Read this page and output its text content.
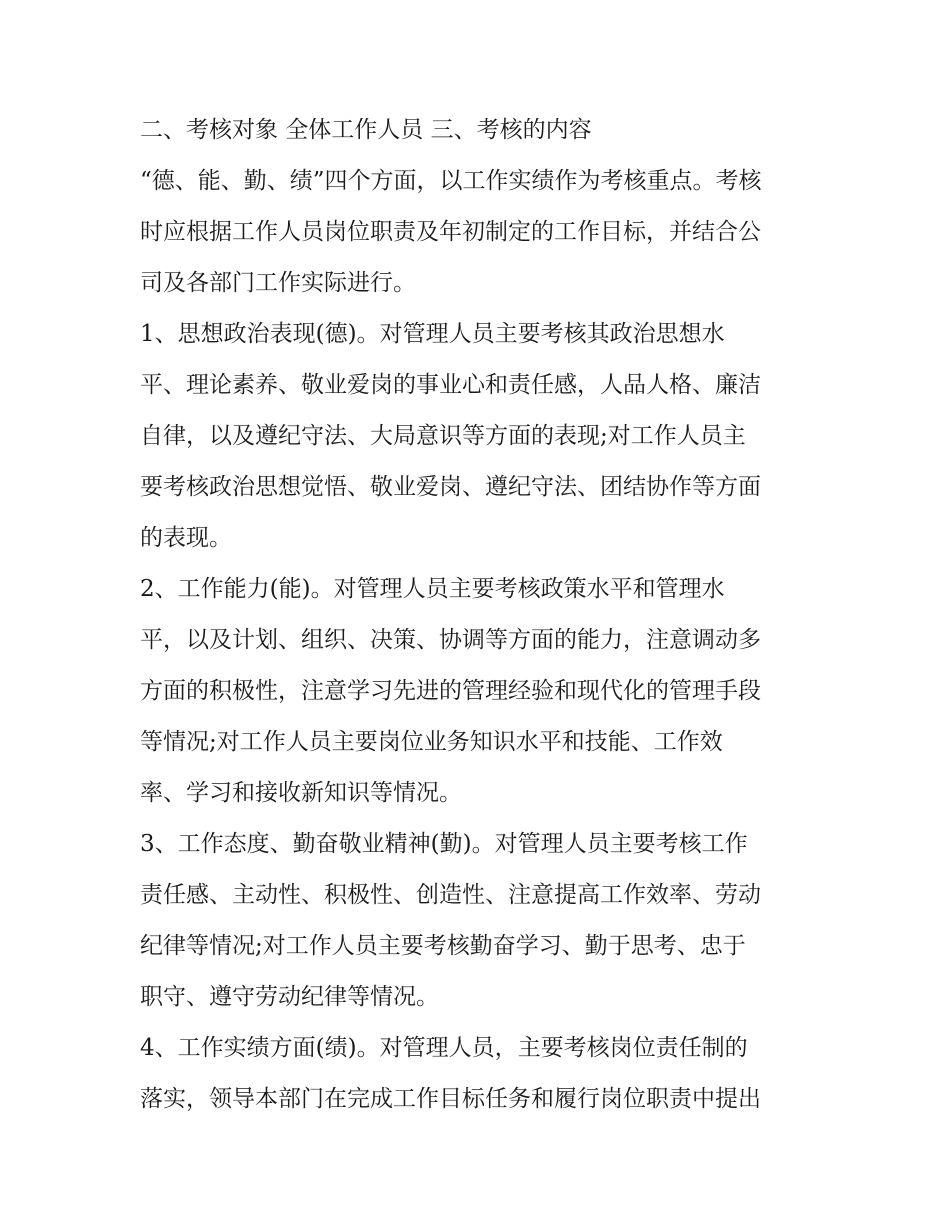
二、考核对象 全体工作人员 三、考核的内容
“德、能、勤、绩”四个方面，以工作实绩作为考核重点。考核
时应根据工作人员岗位职责及年初制定的工作目标，并结合公
司及各部门工作实际进行。
1、思想政治表现(德)。对管理人员主要考核其政治思想水
平、理论素养、敬业爱岗的事业心和责任感，人品人格、廉洁
自律，以及遵纪守法、大局意识等方面的表现;对工作人员主
要考核政治思想觉悟、敬业爱岗、遵纪守法、团结协作等方面
的表现。
2、工作能力(能)。对管理人员主要考核政策水平和管理水
平，以及计划、组织、决策、协调等方面的能力，注意调动多
方面的积极性，注意学习先进的管理经验和现代化的管理手段
等情况;对工作人员主要岗位业务知识水平和技能、工作效
率、学习和接收新知识等情况。
3、工作态度、勤奋敬业精神(勤)。对管理人员主要考核工作
责任感、主动性、积极性、创造性、注意提高工作效率、劳动
纪律等情况;对工作人员主要考核勤奋学习、勤于思考、忠于
职守、遵守劳动纪律等情况。
4、工作实绩方面(绩)。对管理人员，主要考核岗位责任制的
落实，领导本部门在完成工作目标任务和履行岗位职责中提出
